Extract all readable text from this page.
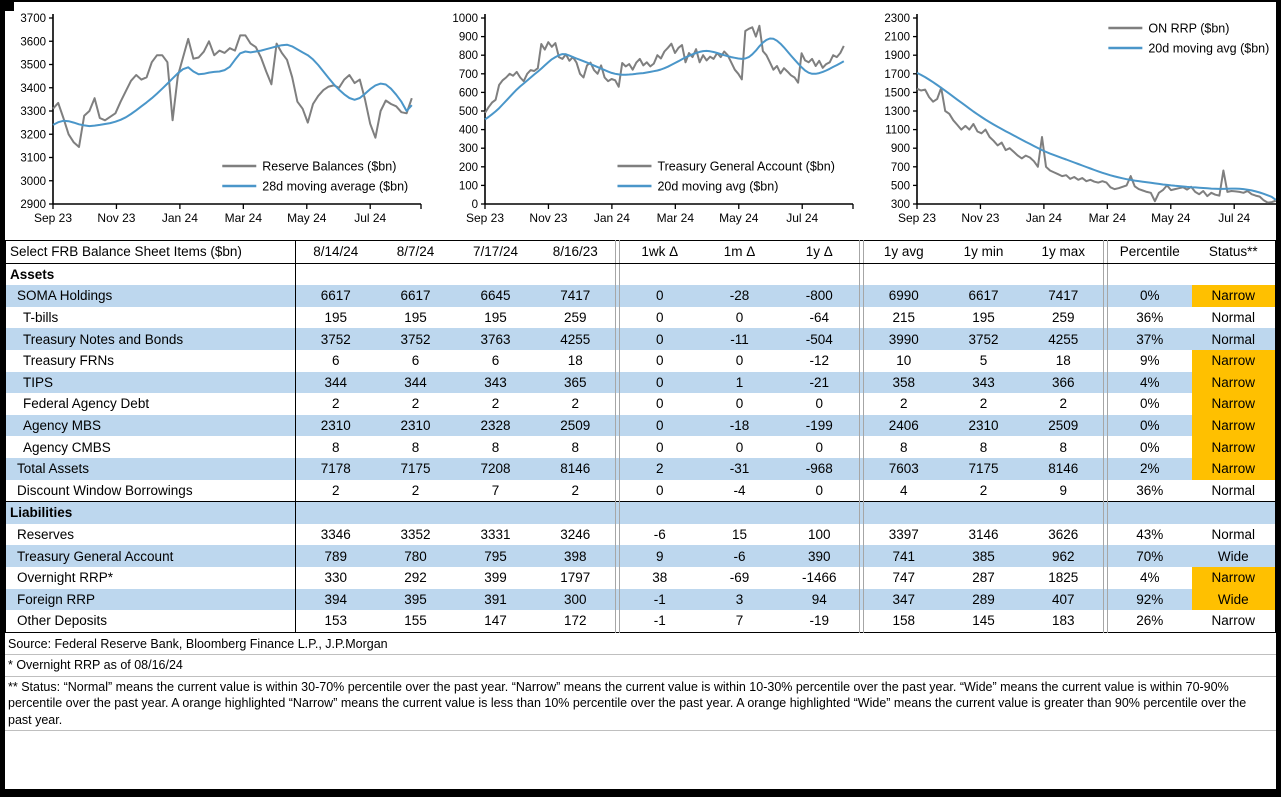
2900
3000
3100
3200
3300
3400
3500
3600
3700
Sep 23 Nov 23 Jan 24 Mar 24 May 24 Jul 24
Reserve Balances ($bn)
28d moving average ($bn)
0
100
200
300
400
500
600
700
800
900
1000
Sep 23 Nov 23 Jan 24 Mar 24 May 24 Jul 24
Treasury General Account ($bn)
20d moving avg ($bn)
300
500
700
900
1100
1300
1500
1700
1900
2100
2300
Sep 23 Nov 23 Jan 24 Mar 24 May 24 Jul 24
ON RRP ($bn)
20d moving avg ($bn)
Select FRB Balance Sheet Items ($bn)	8/14/24	8/7/24	7/17/24	8/16/23		1wk Δ	1m Δ	1y Δ		1y avg	1y min	1y max		Percentile	Status**
Assets															
SOMA Holdings	6617	6617	6645	7417		0	-28	-800		6990	6617	7417		0%	Narrow
T-bills	195	195	195	259		0	0	-64		215	195	259		36%	Normal
Treasury Notes and Bonds	3752	3752	3763	4255		0	-11	-504		3990	3752	4255		37%	Normal
Treasury FRNs	6	6	6	18		0	0	-12		10	5	18		9%	Narrow
TIPS	344	344	343	365		0	1	-21		358	343	366		4%	Narrow
Federal Agency Debt	2	2	2	2		0	0	0		2	2	2		0%	Narrow
Agency MBS	2310	2310	2328	2509		0	-18	-199		2406	2310	2509		0%	Narrow
Agency CMBS	8	8	8	8		0	0	0		8	8	8		0%	Narrow
Total Assets	7178	7175	7208	8146		2	-31	-968		7603	7175	8146		2%	Narrow
Discount Window Borrowings	2	2	7	2		0	-4	0		4	2	9		36%	Normal
Liabilities															
Reserves	3346	3352	3331	3246		-6	15	100		3397	3146	3626		43%	Normal
Treasury General Account	789	780	795	398		9	-6	390		741	385	962		70%	Wide
Overnight RRP*	330	292	399	1797		38	-69	-1466		747	287	1825		4%	Narrow
Foreign RRP	394	395	391	300		-1	3	94		347	289	407		92%	Wide
Other Deposits	153	155	147	172		-1	7	-19		158	145	183		26%	Narrow
Source: Federal Reserve Bank, Bloomberg Finance L.P., J.P.Morgan
* Overnight RRP as of 08/16/24
** Status: “Normal” means the current value is within 30-70% percentile over the past year. “Narrow” means the current value is within 10-30% percentile over the past year. “Wide” means the current value is within 70-90% percentile over the past year. A orange highlighted “Narrow” means the current value is less than 10% percentile over the past year. A orange highlighted “Wide” means the current value is greater than 90% percentile over the past year.
